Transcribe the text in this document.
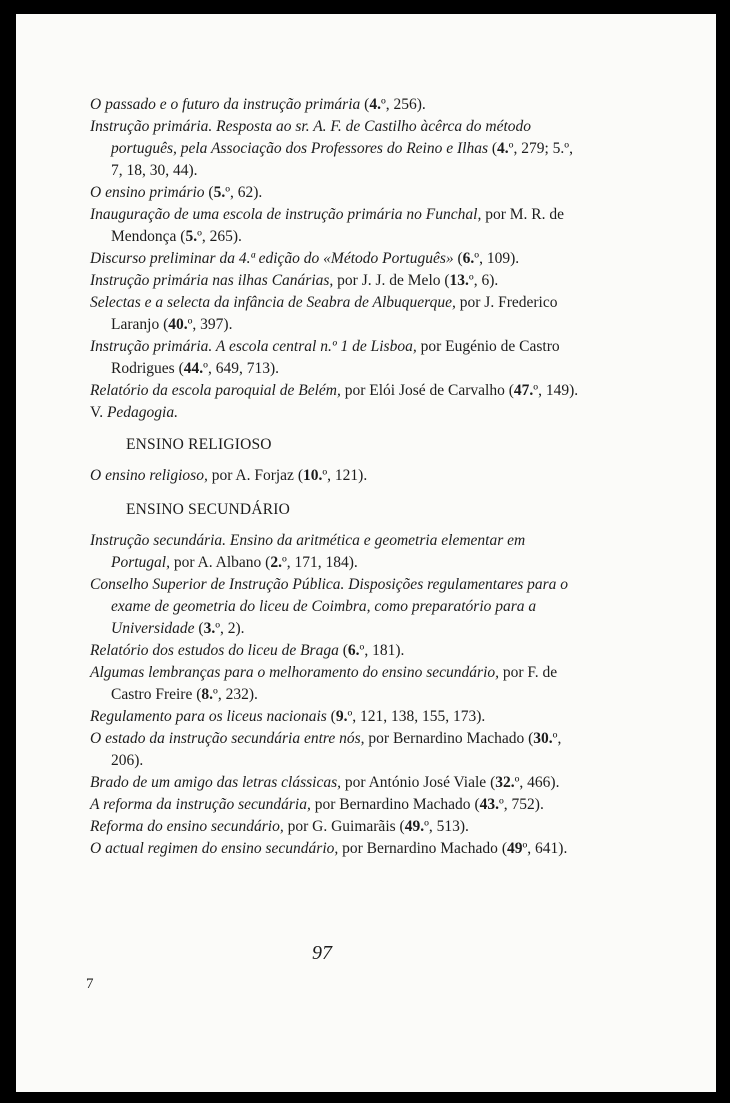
O passado e o futuro da instrução primária (4.º, 256).

Instrução primária. Resposta ao sr. A. F. de Castilho àcêrca do método português, pela Associação dos Professores do Reino e Ilhas (4.º, 279; 5.º, 7, 18, 30, 44).

O ensino primário (5.º, 62).

Inauguração de uma escola de instrução primária no Funchal, por M. R. de Mendonça (5.º, 265).

Discurso preliminar da 4.ª edição do «Método Português» (6.º, 109).

Instrução primária nas ilhas Canárias, por J. J. de Melo (13.º, 6).

Selectas e a selecta da infância de Seabra de Albuquerque, por J. Frederico Laranjo (40.º, 397).

Instrução primária. A escola central n.º 1 de Lisboa, por Eugénio de Castro Rodrigues (44.º, 649, 713).

Relatório da escola paroquial de Belém, por Elói José de Carvalho (47.º, 149).

V. Pedagogia.

ENSINO RELIGIOSO

O ensino religioso, por A. Forjaz (10.º, 121).

ENSINO SECUNDÁRIO

Instrução secundária. Ensino da aritmética e geometria elementar em Portugal, por A. Albano (2.º, 171, 184).

Conselho Superior de Instrução Pública. Disposições regulamentares para o exame de geometria do liceu de Coimbra, como preparatório para a Universidade (3.º, 2).

Relatório dos estudos do liceu de Braga (6.º, 181).

Algumas lembranças para o melhoramento do ensino secundário, por F. de Castro Freire (8.º, 232).

Regulamento para os liceus nacionais (9.º, 121, 138, 155, 173).

O estado da instrução secundária entre nós, por Bernardino Machado (30.º, 206).

Brado de um amigo das letras clássicas, por António José Viale (32.º, 466).

A reforma da instrução secundária, por Bernardino Machado (43.º, 752).

Reforma do ensino secundário, por G. Guimarãis (49.º, 513).

O actual regimen do ensino secundário, por Bernardino Machado (49º, 641).

97
7
